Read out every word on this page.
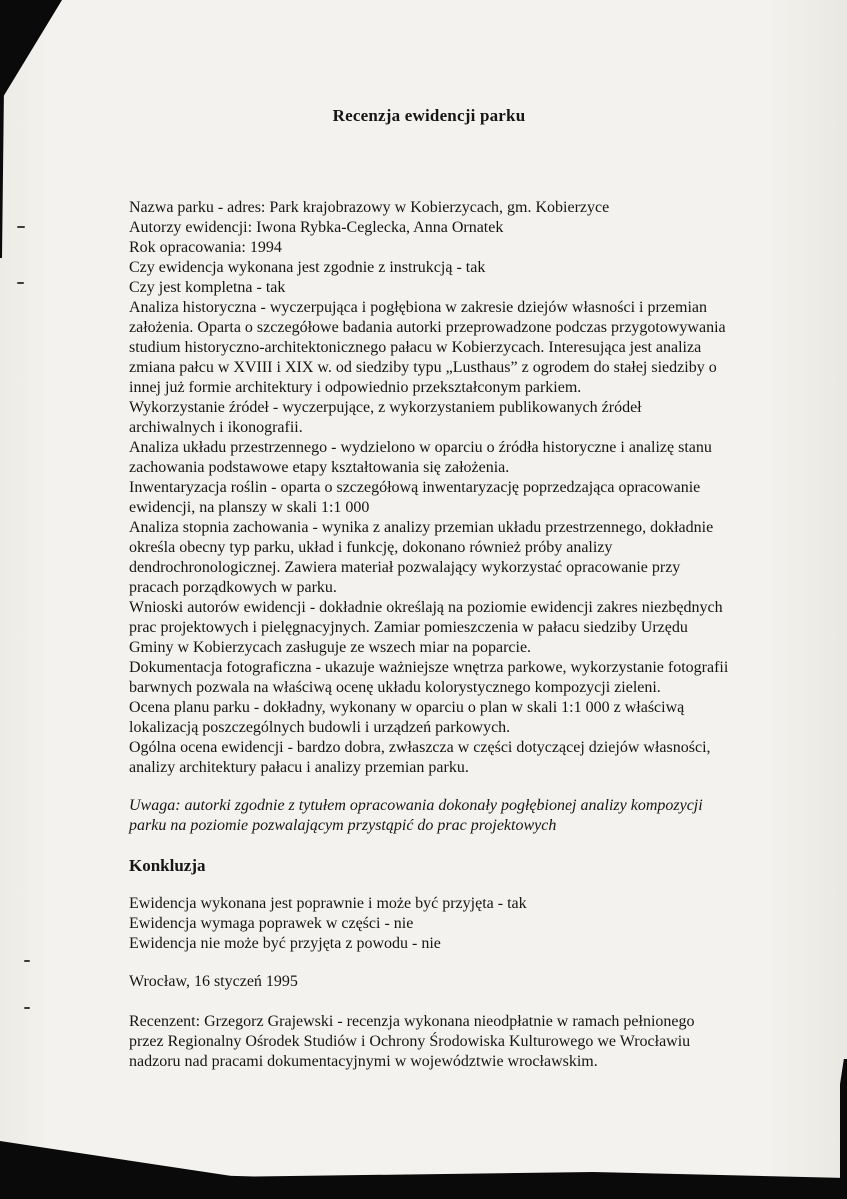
Recenzja ewidencji parku

Nazwa parku - adres: Park krajobrazowy w Kobierzycach, gm. Kobierzyce

Autorzy ewidencji: Iwona Rybka-Ceglecka, Anna Ornatek

Rok opracowania: 1994

Czy ewidencja wykonana jest zgodnie z instrukcją - tak

Czy jest kompletna - tak

Analiza historyczna - wyczerpująca i pogłębiona w zakresie dziejów własności i przemian założenia. Oparta o szczegółowe badania autorki przeprowadzone podczas przygotowywania studium historyczno-architektonicznego pałacu w Kobierzycach. Interesująca jest analiza zmiana pałcu w XVIII i XIX w. od siedziby typu „Lusthaus” z ogrodem do stałej siedziby o innej już formie architektury i odpowiednio przekształconym parkiem.

Wykorzystanie źródeł - wyczerpujące, z wykorzystaniem publikowanych źródeł archiwalnych i ikonografii.

Analiza układu przestrzennego - wydzielono w oparciu o źródła historyczne i analizę stanu zachowania podstawowe etapy kształtowania się założenia.

Inwentaryzacja roślin - oparta o szczegółową inwentaryzację poprzedzająca opracowanie ewidencji, na planszy w skali 1:1 000

Analiza stopnia zachowania - wynika z analizy przemian układu przestrzennego, dokładnie określa obecny typ parku, układ i funkcję, dokonano również próby analizy dendrochronologicznej. Zawiera materiał pozwalający wykorzystać opracowanie przy pracach porządkowych w parku.

Wnioski autorów ewidencji - dokładnie określają na poziomie ewidencji zakres niezbędnych prac projektowych i pielęgnacyjnych. Zamiar pomieszczenia w pałacu siedziby Urzędu Gminy w Kobierzycach zasługuje ze wszech miar na poparcie.

Dokumentacja fotograficzna - ukazuje ważniejsze wnętrza parkowe, wykorzystanie fotografii barwnych pozwala na właściwą ocenę układu kolorystycznego kompozycji zieleni.

Ocena planu parku - dokładny, wykonany w oparciu o plan w skali 1:1 000 z właściwą lokalizacją poszczególnych budowli i urządzeń parkowych.

Ogólna ocena ewidencji - bardzo dobra, zwłaszcza w części dotyczącej dziejów własności, analizy architektury pałacu i analizy przemian parku.

Uwaga: autorki zgodnie z tytułem opracowania dokonały pogłębionej analizy kompozycji parku na poziomie pozwalającym przystąpić do prac projektowych

Konkluzja

Ewidencja wykonana jest poprawnie i może być przyjęta - tak

Ewidencja wymaga poprawek w części - nie

Ewidencja nie może być przyjęta z powodu - nie

Wrocław, 16 styczeń 1995

Recenzent: Grzegorz Grajewski - recenzja wykonana nieodpłatnie w ramach pełnionego przez Regionalny Ośrodek Studiów i Ochrony Środowiska Kulturowego we Wrocławiu nadzoru nad pracami dokumentacyjnymi w województwie wrocławskim.
